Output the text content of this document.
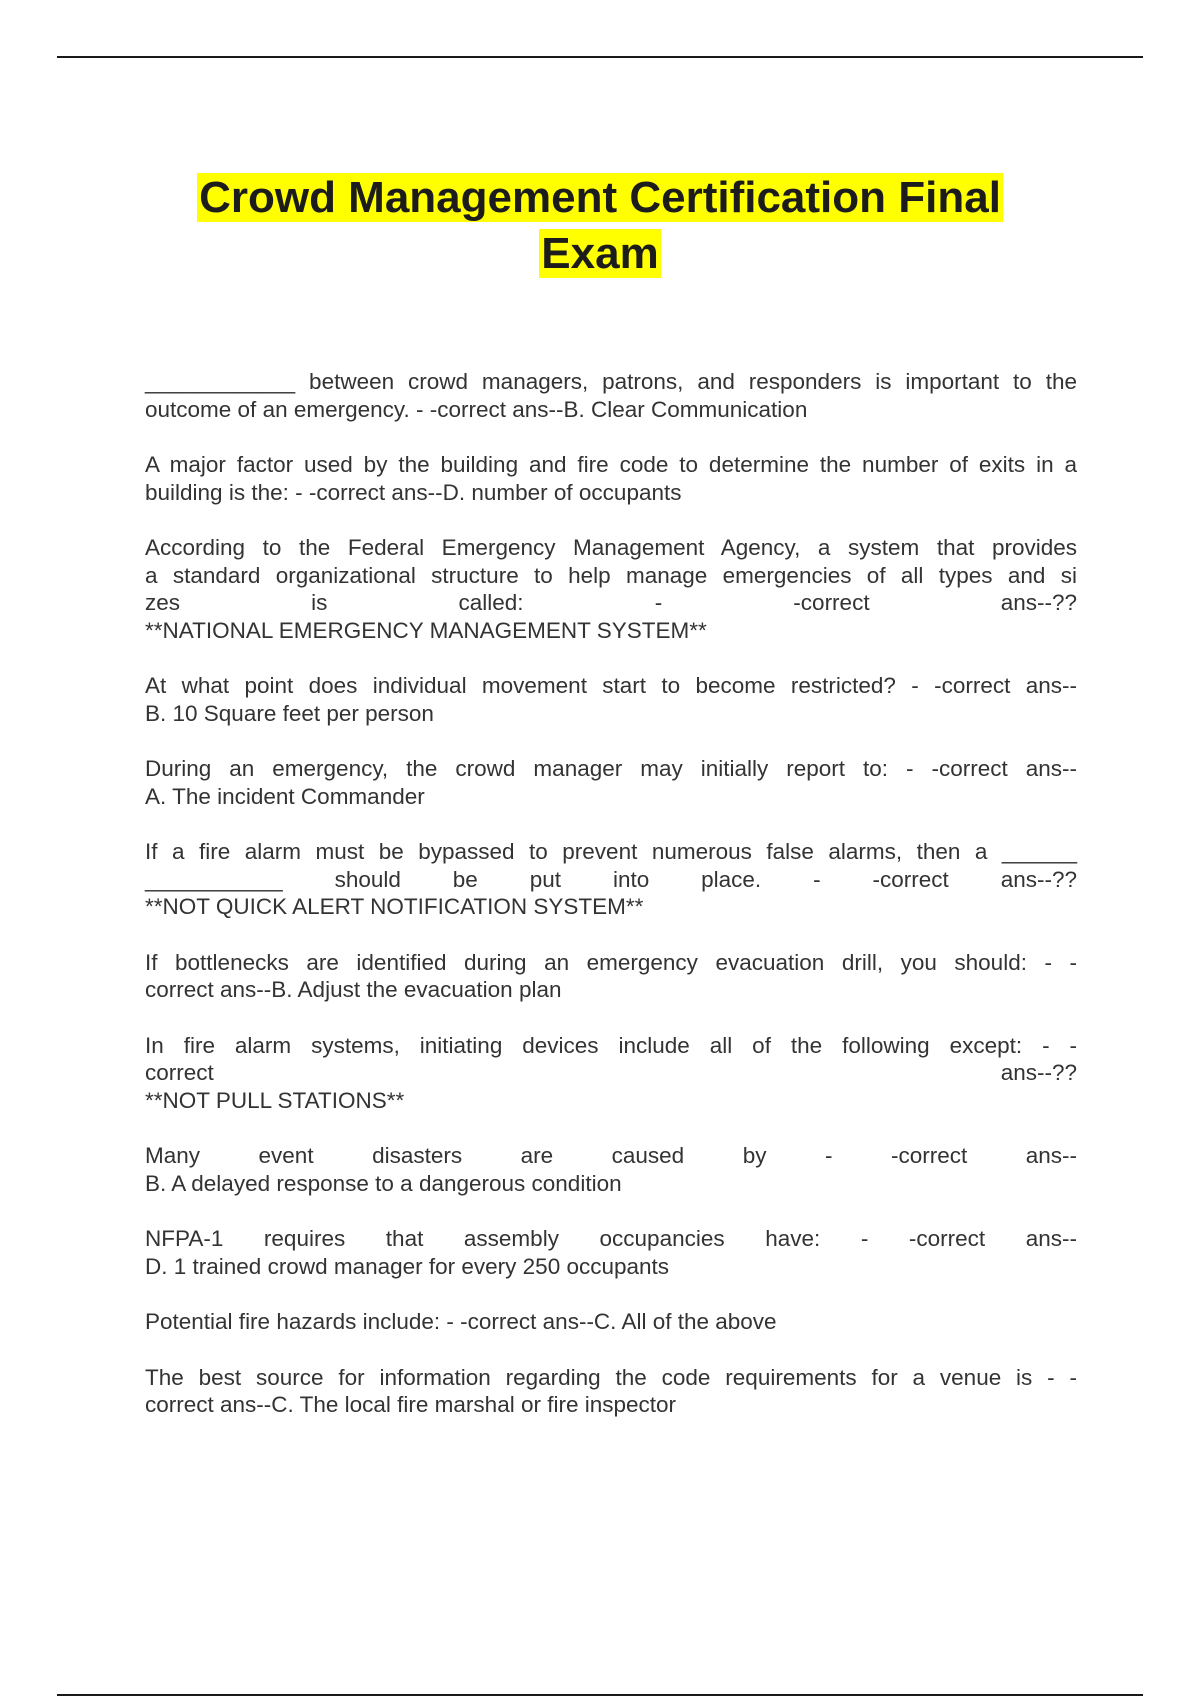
Crowd Management Certification Final
Exam
____________ between crowd managers, patrons, and responders is important to the
outcome of an emergency. - -correct ans--B. Clear Communication
A major factor used by the building and fire code to determine the number of exits in a
building is the: - -correct ans--D. number of occupants
According to the Federal Emergency Management Agency, a system that provides
a standard organizational structure to help manage emergencies of all types and si
zes is called: - -correct ans--??
**NATIONAL EMERGENCY MANAGEMENT SYSTEM**
At what point does individual movement start to become restricted? - -correct ans--
B. 10 Square feet per person
During an emergency, the crowd manager may initially report to: - -correct ans--
A. The incident Commander
If a fire alarm must be bypassed to prevent numerous false alarms, then a ______
___________ should be put into place. - -correct ans--??
**NOT QUICK ALERT NOTIFICATION SYSTEM**
If bottlenecks are identified during an emergency evacuation drill, you should: - -
correct ans--B. Adjust the evacuation plan
In fire alarm systems, initiating devices include all of the following except: - -
correct ans--??
**NOT PULL STATIONS**
Many event disasters are caused by - -correct ans--
B. A delayed response to a dangerous condition
NFPA-1 requires that assembly occupancies have: - -correct ans--
D. 1 trained crowd manager for every 250 occupants
Potential fire hazards include: - -correct ans--C. All of the above
The best source for information regarding the code requirements for a venue is - -
correct ans--C. The local fire marshal or fire inspector
